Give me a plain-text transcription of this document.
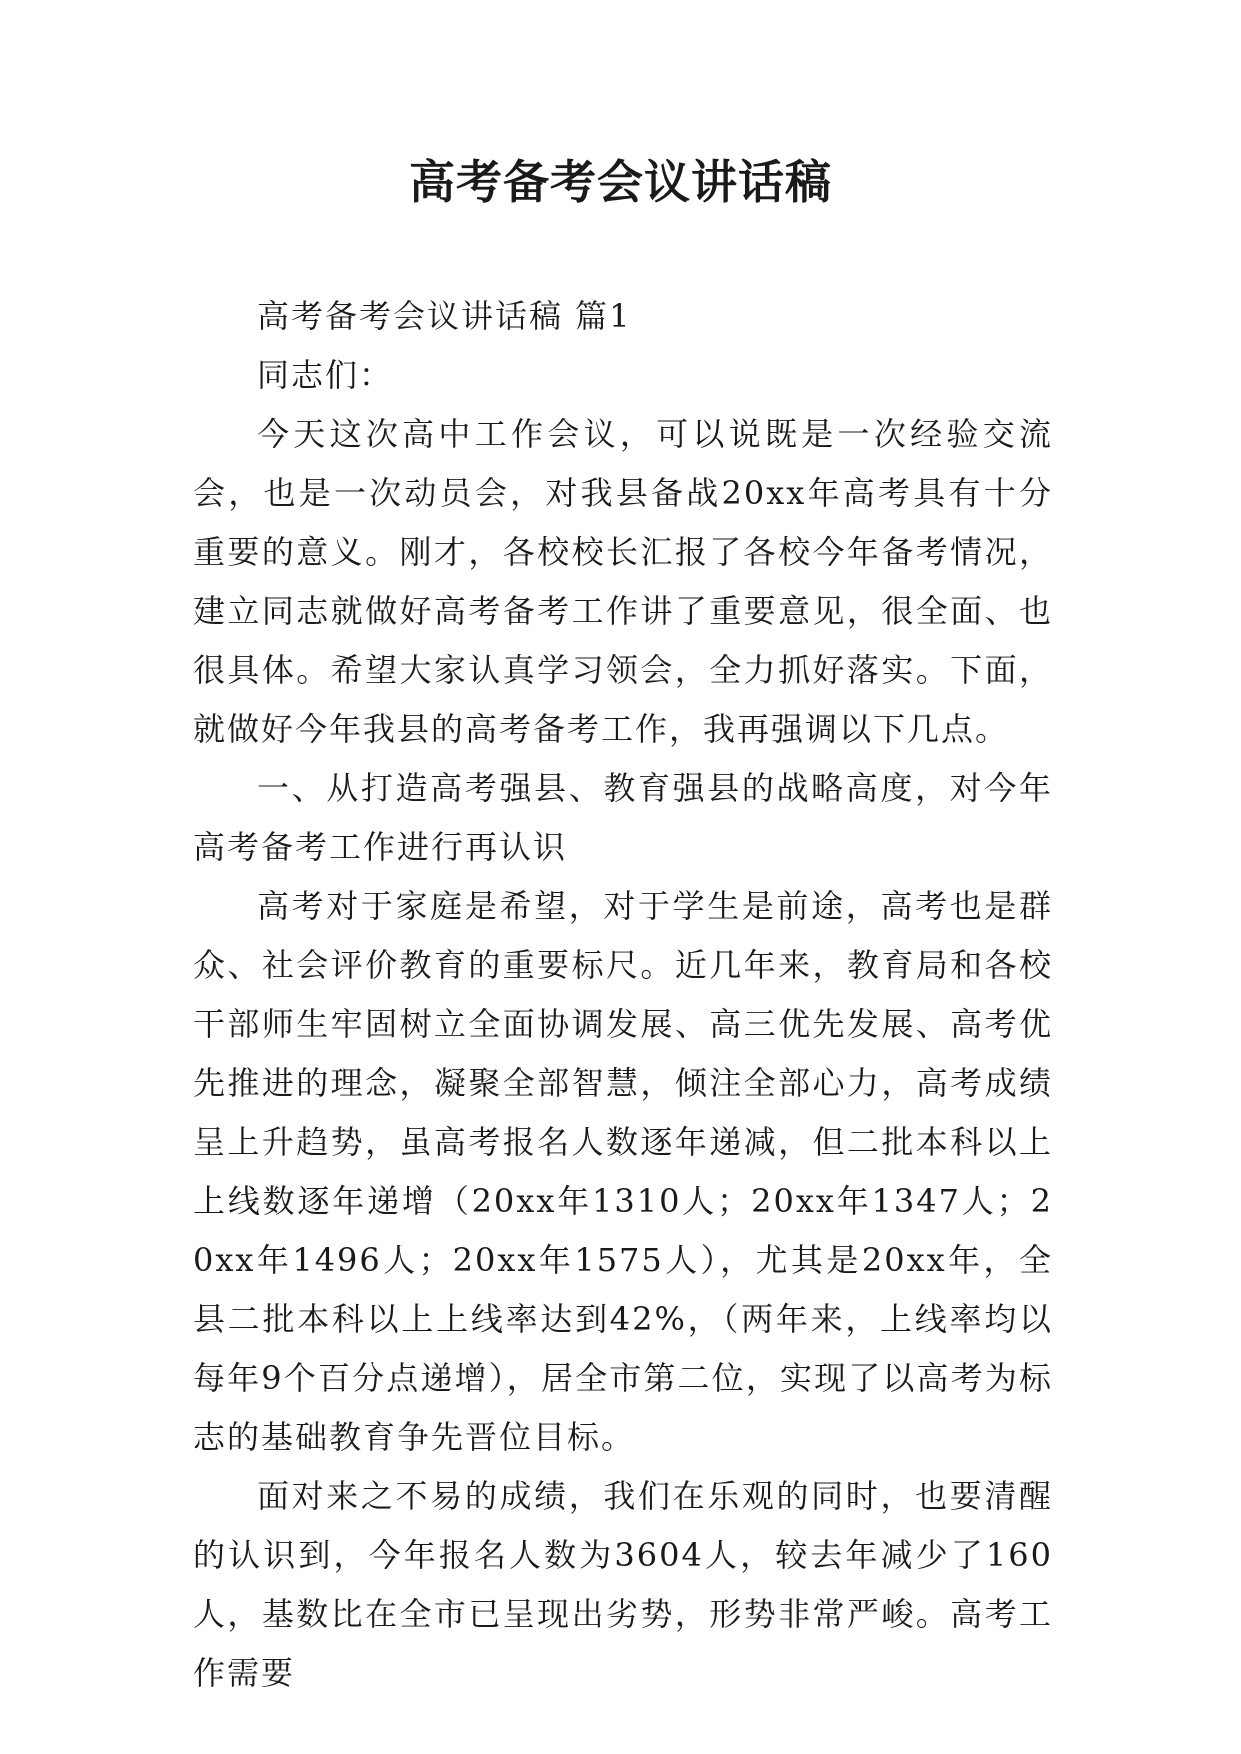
高考备考会议讲话稿

高考备考会议讲话稿 篇1

同志们：

今天这次高中工作会议，可以说既是一次经验交流会，也是一次动员会，对我县备战20xx年高考具有十分重要的意义。刚才，各校校长汇报了各校今年备考情况，建立同志就做好高考备考工作讲了重要意见，很全面、也很具体。希望大家认真学习领会，全力抓好落实。下面，就做好今年我县的高考备考工作，我再强调以下几点。

一、从打造高考强县、教育强县的战略高度，对今年高考备考工作进行再认识

高考对于家庭是希望，对于学生是前途，高考也是群众、社会评价教育的重要标尺。近几年来，教育局和各校干部师生牢固树立全面协调发展、高三优先发展、高考优先推进的理念，凝聚全部智慧，倾注全部心力，高考成绩呈上升趋势，虽高考报名人数逐年递减，但二批本科以上上线数逐年递增（20xx年1310人；20xx年1347人；20xx年1496人；20xx年1575人），尤其是20xx年，全县二批本科以上上线率达到42%，（两年来，上线率均以每年9个百分点递增），居全市第二位，实现了以高考为标志的基础教育争先晋位目标。

面对来之不易的成绩，我们在乐观的同时，也要清醒的认识到，今年报名人数为3604人，较去年减少了160人，基数比在全市已呈现出劣势，形势非常严峻。高考工作需要
